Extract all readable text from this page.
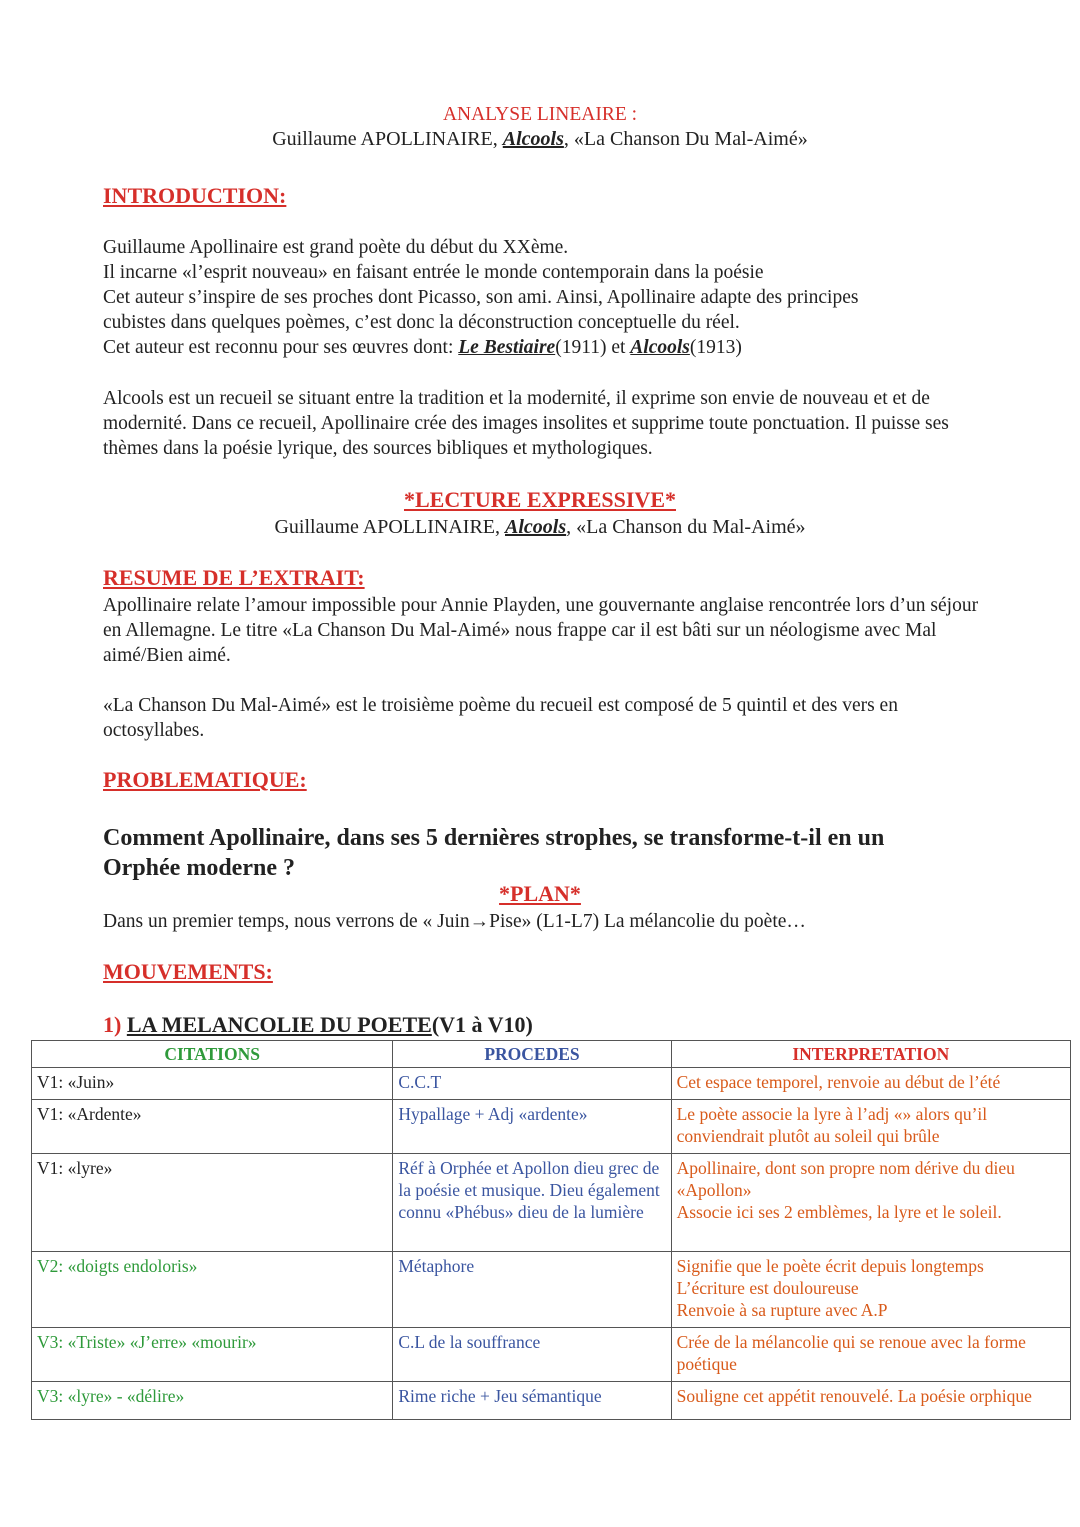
ANALYSE LINEAIRE :
Guillaume APOLLINAIRE, Alcools, «La Chanson Du Mal-Aimé»
INTRODUCTION:
Guillaume Apollinaire est grand poète du début du XXème.
Il incarne «l’esprit nouveau» en faisant entrée le monde contemporain dans la poésie
Cet auteur s’inspire de ses proches dont Picasso, son ami. Ainsi, Apollinaire adapte des principes
cubistes dans quelques poèmes, c’est donc la déconstruction conceptuelle du réel.
Cet auteur est reconnu pour ses œuvres dont: Le Bestiaire(1911) et Alcools(1913)
Alcools est un recueil se situant entre la tradition et la modernité, il exprime son envie de nouveau et et de modernité. Dans ce recueil, Apollinaire crée des images insolites et supprime toute ponctuation. Il puisse ses thèmes dans la poésie lyrique, des sources bibliques et mythologiques.
*LECTURE EXPRESSIVE*
Guillaume APOLLINAIRE, Alcools, «La Chanson du Mal-Aimé»
RESUME DE L’EXTRAIT:
Apollinaire relate l’amour impossible pour Annie Playden, une gouvernante anglaise rencontrée lors d’un séjour en Allemagne. Le titre «La Chanson Du Mal-Aimé» nous frappe car il est bâti sur un néologisme avec Mal aimé/Bien aimé.
«La Chanson Du Mal-Aimé» est le troisième poème du recueil est composé de 5 quintil et des vers en octosyllabes.
PROBLEMATIQUE:
Comment Apollinaire, dans ses 5 dernières strophes, se transforme-t-il en un Orphée moderne ?
*PLAN*
Dans un premier temps, nous verrons de « Juin→Pise» (L1-L7) La mélancolie du poète…
MOUVEMENTS:
1) LA MELANCOLIE DU POETE(V1 à V10)
CITATIONS	PROCEDES	INTERPRETATION
V1: «Juin»	C.C.T	Cet espace temporel, renvoie au début de l’été
V1: «Ardente»	Hypallage + Adj «ardente»	Le poète associe la lyre à l’adj «» alors qu’il conviendrait plutôt au soleil qui brûle
V1: «lyre»	Réf à Orphée et Apollon dieu grec de la poésie et musique. Dieu également connu «Phébus» dieu de la lumière	Apollinaire, dont son propre nom dérive du dieu «Apollon»
Associe ici ses 2 emblèmes, la lyre et le soleil.
V2: «doigts endoloris»	Métaphore	Signifie que le poète écrit depuis longtemps
L’écriture est douloureuse
Renvoie à sa rupture avec A.P
V3: «Triste» «J’erre» «mourir»	C.L de la souffrance	Crée de la mélancolie qui se renoue avec la forme poétique
V3: «lyre» - «délire»	Rime riche + Jeu sémantique	Souligne cet appétit renouvelé. La poésie orphique
